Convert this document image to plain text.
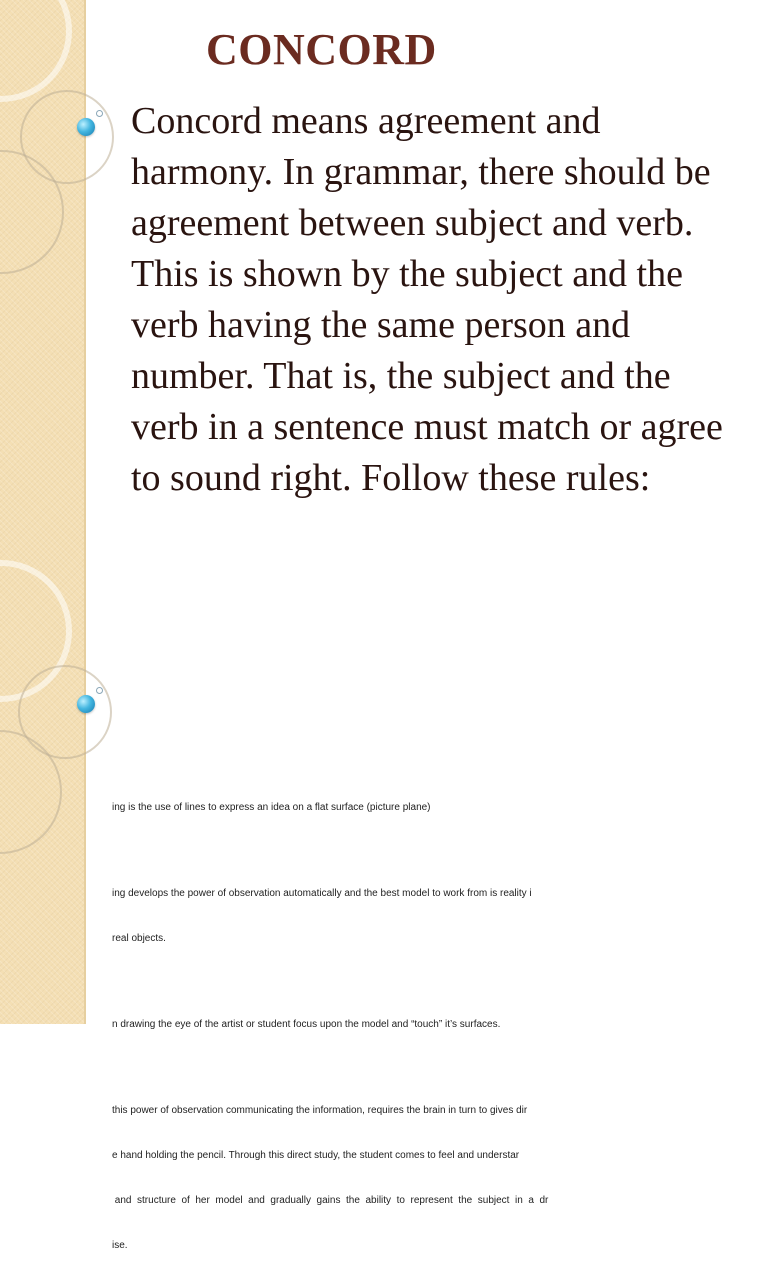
CONCORD

Concord means agreement and harmony. In grammar, there should be agreement between subject and verb. This is shown by the subject and the verb having the same person and number. That is, the subject and the verb in a sentence must match or agree to sound right. Follow these rules:

ing is the use of lines to express an idea on a flat surface (picture plane)

ing develops the power of observation automatically and the best model to work from is reality i

real objects.

n drawing the eye of the artist or student focus upon the model and “touch” it’s surfaces.

this power of observation communicating the information, requires the brain in turn to gives dir

e hand holding the pencil. Through this direct study, the student comes to feel and understar

and  structure  of  her  model  and  gradually  gains  the  ability  to  represent  the  subject  in  a  dr

ise.
